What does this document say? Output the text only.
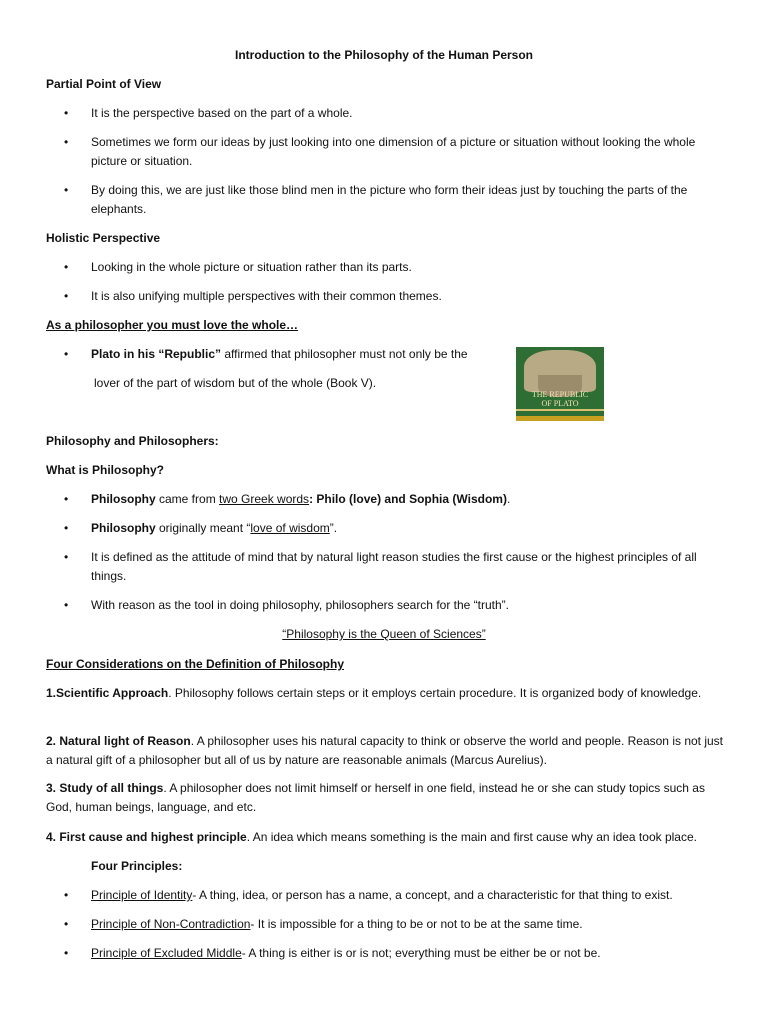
Introduction to the Philosophy of the Human Person
Partial Point of View
•	It is the perspective based on the part of a whole.
•	Sometimes we form our ideas by just looking into one dimension of a picture or situation without looking the whole picture or situation.
•	By doing this, we are just like those blind men in the picture who form their ideas just by touching the parts of the elephants.
Holistic Perspective
•	Looking in the whole picture or situation rather than its parts.
•	It is also unifying multiple perspectives with their common themes.
As a philosopher you must love the whole…
•	Plato in his “Republic” affirmed that philosopher must not only be the
lover of the part of wisdom but of the whole (Book V).
THE REPUBLIC
OF PLATO
Philosophy and Philosophers:
What is Philosophy?
•	Philosophy came from two Greek words: Philo (love) and Sophia (Wisdom).
•	Philosophy originally meant “love of wisdom”.
•	It is defined as the attitude of mind that by natural light reason studies the first cause or the highest principles of all things.
•	With reason as the tool in doing philosophy, philosophers search for the “truth”.
“Philosophy is the Queen of Sciences”
Four Considerations on the Definition of Philosophy
1.Scientific Approach. Philosophy follows certain steps or it employs certain procedure. It is organized body of knowledge.
2. Natural light of Reason. A philosopher uses his natural capacity to think or observe the world and people. Reason is not just a natural gift of a philosopher but all of us by nature are reasonable animals (Marcus Aurelius).
3. Study of all things. A philosopher does not limit himself or herself in one field, instead he or she can study topics such as God, human beings, language, and etc.
4. First cause and highest principle. An idea which means something is the main and first cause why an idea took place.
Four Principles:
•	Principle of Identity- A thing, idea, or person has a name, a concept, and a characteristic for that thing to exist.
•	Principle of Non-Contradiction- It is impossible for a thing to be or not to be at the same time.
•	Principle of Excluded Middle- A thing is either is or is not; everything must be either be or not be.
